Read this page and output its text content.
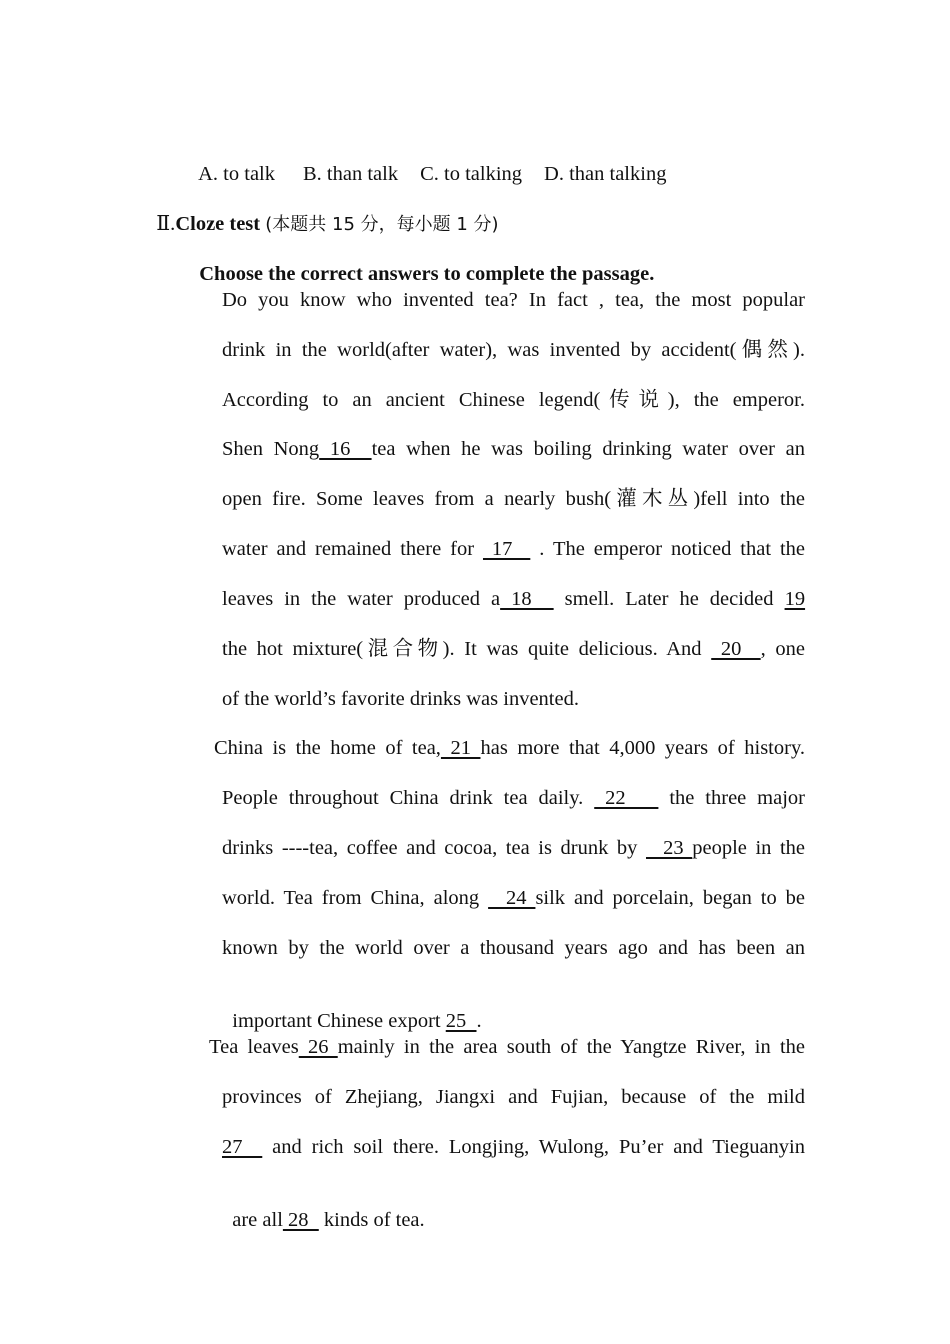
A. to talk B. than talk C. to talking D. than talking

Ⅱ.Cloze test (本题共 15 分，每小题 1 分)

Choose the correct answers to complete the passage.

Do you know who invented tea? In fact , tea, the most popular
drink in the world(after water), was invented by accident(偶然).
According to an ancient Chinese legend(传说), the emperor.
Shen Nong 16  tea when he was boiling drinking water over an
open fire. Some leaves from a nearly bush(灌木丛)fell into the
water and remained there for  17   . The emperor noticed that the
leaves in the water produced a 18   smell. Later he decided 19
the hot mixture(混合物). It was quite delicious. And  20  , one
of the world’s favorite drinks was invented.
China is the home of tea, 21 has more that 4,000 years of history.
People throughout China drink tea daily.  22    the three major
drinks ----tea, coffee and cocoa, tea is drunk by   23 people in the
world. Tea from China, along   24 silk and porcelain, began to be
known by the world over a thousand years ago and has been an

important Chinese export 25  .

Tea leaves 26 mainly in the area south of the Yangtze River, in the
provinces of Zhejiang, Jiangxi and Fujian, because of the mild
27   and rich soil there. Longjing, Wulong, Pu’er and Tieguanyin

are all 28   kinds of tea.
